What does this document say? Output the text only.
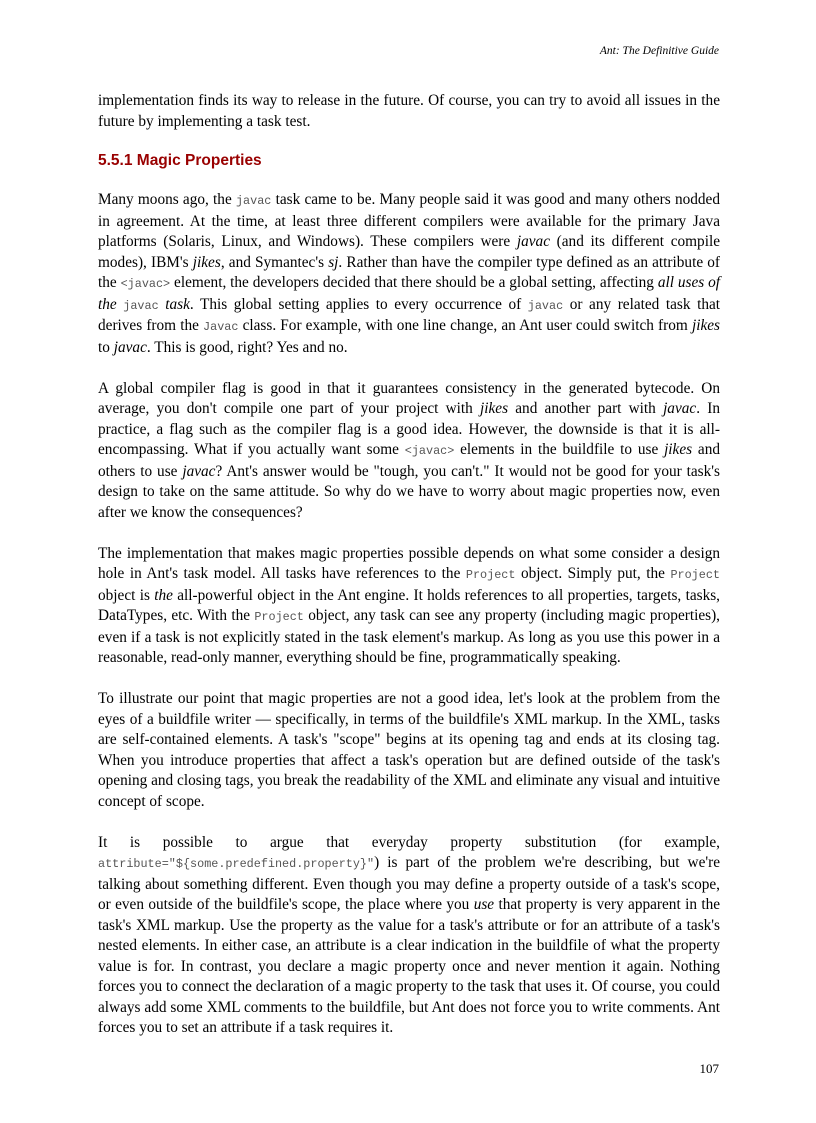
Ant: The Definitive Guide

implementation finds its way to release in the future. Of course, you can try to avoid all issues in the future by implementing a task test.

5.5.1 Magic Properties

Many moons ago, the javac task came to be. Many people said it was good and many others nodded in agreement. At the time, at least three different compilers were available for the primary Java platforms (Solaris, Linux, and Windows). These compilers were javac (and its different compile modes), IBM's jikes, and Symantec's sj. Rather than have the compiler type defined as an attribute of the <javac> element, the developers decided that there should be a global setting, affecting all uses of the javac task. This global setting applies to every occurrence of javac or any related task that derives from the Javac class. For example, with one line change, an Ant user could switch from jikes to javac. This is good, right? Yes and no.

A global compiler flag is good in that it guarantees consistency in the generated bytecode. On average, you don't compile one part of your project with jikes and another part with javac. In practice, a flag such as the compiler flag is a good idea. However, the downside is that it is all-encompassing. What if you actually want some <javac> elements in the buildfile to use jikes and others to use javac? Ant's answer would be "tough, you can't." It would not be good for your task's design to take on the same attitude. So why do we have to worry about magic properties now, even after we know the consequences?

The implementation that makes magic properties possible depends on what some consider a design hole in Ant's task model. All tasks have references to the Project object. Simply put, the Project object is the all-powerful object in the Ant engine. It holds references to all properties, targets, tasks, DataTypes, etc. With the Project object, any task can see any property (including magic properties), even if a task is not explicitly stated in the task element's markup. As long as you use this power in a reasonable, read-only manner, everything should be fine, programmatically speaking.

To illustrate our point that magic properties are not a good idea, let's look at the problem from the eyes of a buildfile writer — specifically, in terms of the buildfile's XML markup. In the XML, tasks are self-contained elements. A task's "scope" begins at its opening tag and ends at its closing tag. When you introduce properties that affect a task's operation but are defined outside of the task's opening and closing tags, you break the readability of the XML and eliminate any visual and intuitive concept of scope.

It is possible to argue that everyday property substitution (for example, attribute="${some.predefined.property}") is part of the problem we're describing, but we're talking about something different. Even though you may define a property outside of a task's scope, or even outside of the buildfile's scope, the place where you use that property is very apparent in the task's XML markup. Use the property as the value for a task's attribute or for an attribute of a task's nested elements. In either case, an attribute is a clear indication in the buildfile of what the property value is for. In contrast, you declare a magic property once and never mention it again. Nothing forces you to connect the declaration of a magic property to the task that uses it. Of course, you could always add some XML comments to the buildfile, but Ant does not force you to write comments. Ant forces you to set an attribute if a task requires it.

107
